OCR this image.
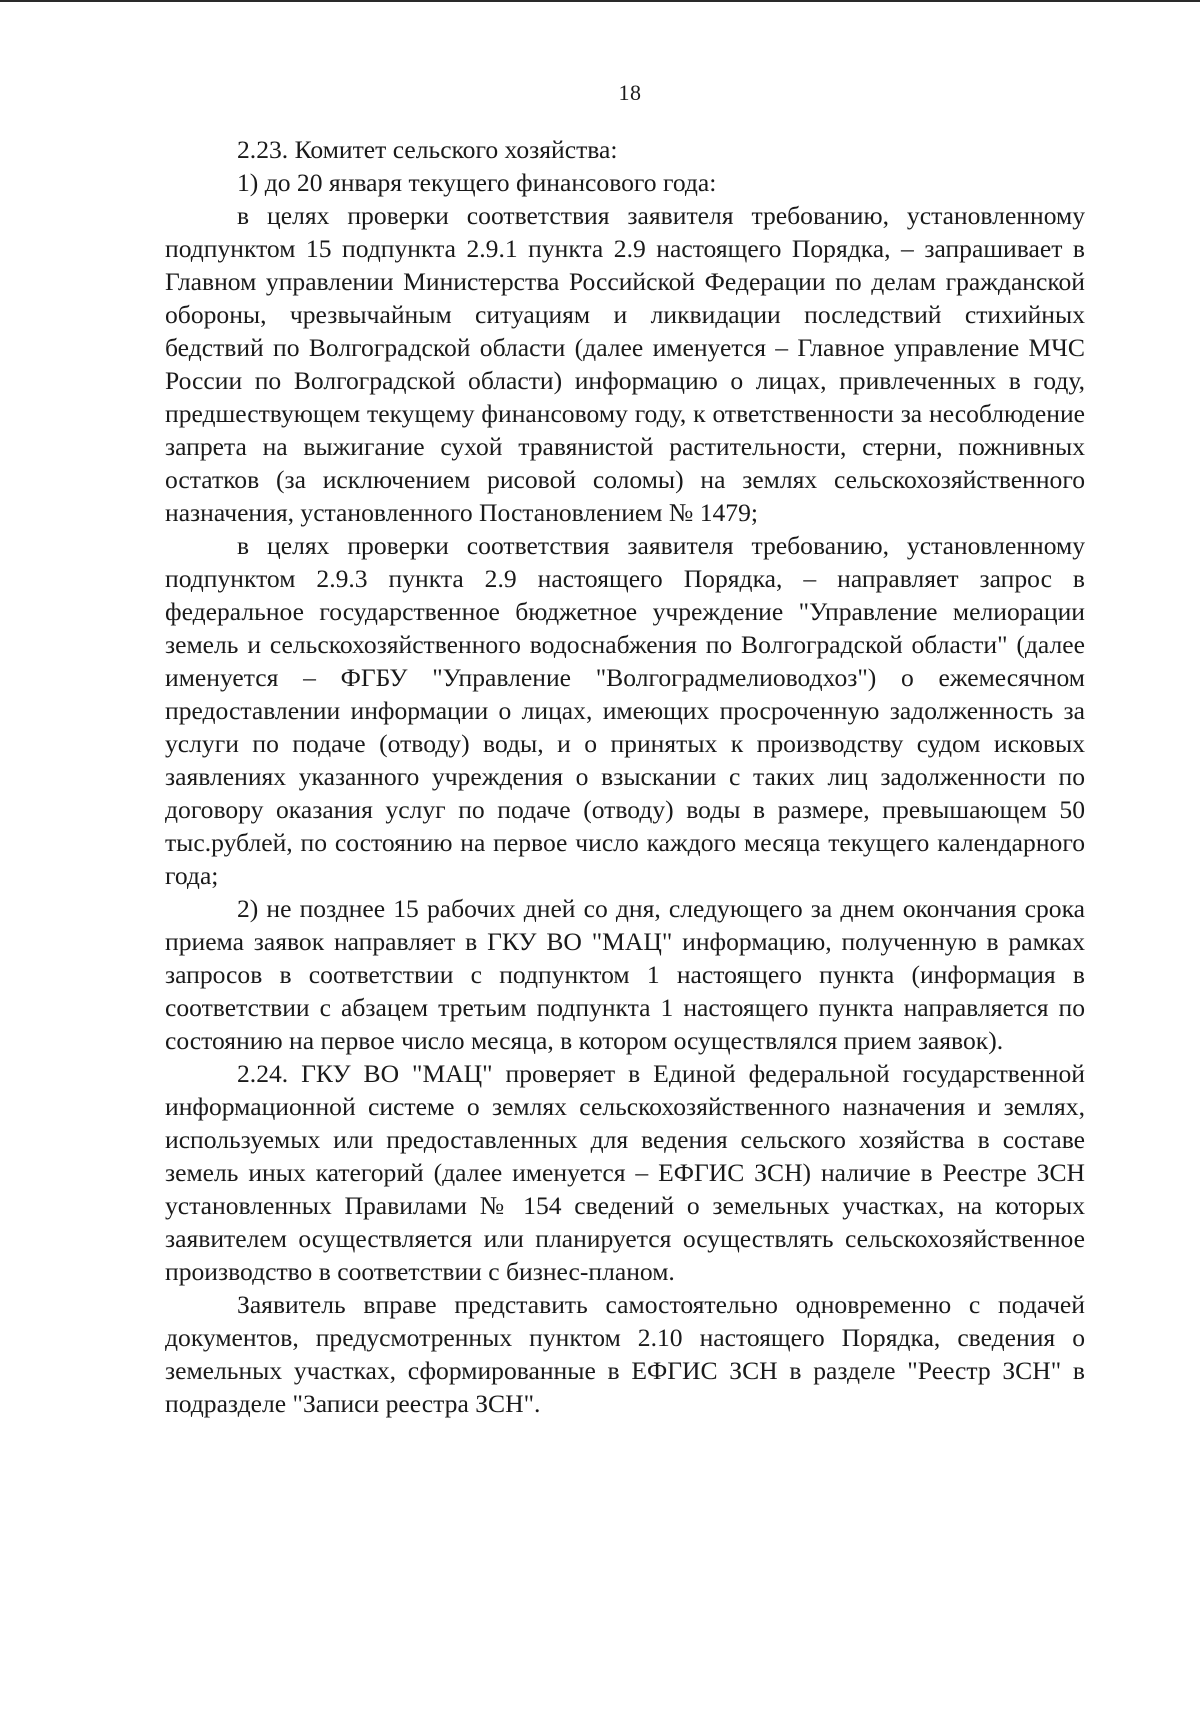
18

2.23. Комитет сельского хозяйства:

1) до 20 января текущего финансового года:

в целях проверки соответствия заявителя требованию, установленному подпунктом 15 подпункта 2.9.1 пункта 2.9 настоящего Порядка, – запрашивает в Главном управлении Министерства Российской Федерации по делам гражданской обороны, чрезвычайным ситуациям и ликвидации последствий стихийных бедствий по Волгоградской области (далее именуется – Главное управление МЧС России по Волгоградской области) информацию о лицах, привлеченных в году, предшествующем текущему финансовому году, к ответственности за несоблюдение запрета на выжигание сухой травянистой растительности, стерни, пожнивных остатков (за исключением рисовой соломы) на землях сельскохозяйственного назначения, установленного Постановлением № 1479;

в целях проверки соответствия заявителя требованию, установленному подпунктом 2.9.3 пункта 2.9 настоящего Порядка, – направляет запрос в федеральное государственное бюджетное учреждение "Управление мелиорации земель и сельскохозяйственного водоснабжения по Волгоградской области" (далее именуется – ФГБУ "Управление "Волгоградмелиоводхоз") о ежемесячном предоставлении информации о лицах, имеющих просроченную задолженность за услуги по подаче (отводу) воды, и о принятых к производству судом исковых заявлениях указанного учреждения о взыскании с таких лиц задолженности по договору оказания услуг по подаче (отводу) воды в размере, превышающем 50 тыс.рублей, по состоянию на первое число каждого месяца текущего календарного года;

2) не позднее 15 рабочих дней со дня, следующего за днем окончания срока приема заявок направляет в ГКУ ВО "МАЦ" информацию, полученную в рамках запросов в соответствии с подпунктом 1 настоящего пункта (информация в соответствии с абзацем третьим подпункта 1 настоящего пункта направляется по состоянию на первое число месяца, в котором осуществлялся прием заявок).

2.24. ГКУ ВО "МАЦ" проверяет в Единой федеральной государственной информационной системе о землях сельскохозяйственного назначения и землях, используемых или предоставленных для ведения сельского хозяйства в составе земель иных категорий (далее именуется – ЕФГИС ЗСН) наличие в Реестре ЗСН установленных Правилами № 154 сведений о земельных участках, на которых заявителем осуществляется или планируется осуществлять сельскохозяйственное производство в соответствии с бизнес-планом.

Заявитель вправе представить самостоятельно одновременно с подачей документов, предусмотренных пунктом 2.10 настоящего Порядка, сведения о земельных участках, сформированные в ЕФГИС ЗСН в разделе "Реестр ЗСН" в подразделе "Записи реестра ЗСН".
